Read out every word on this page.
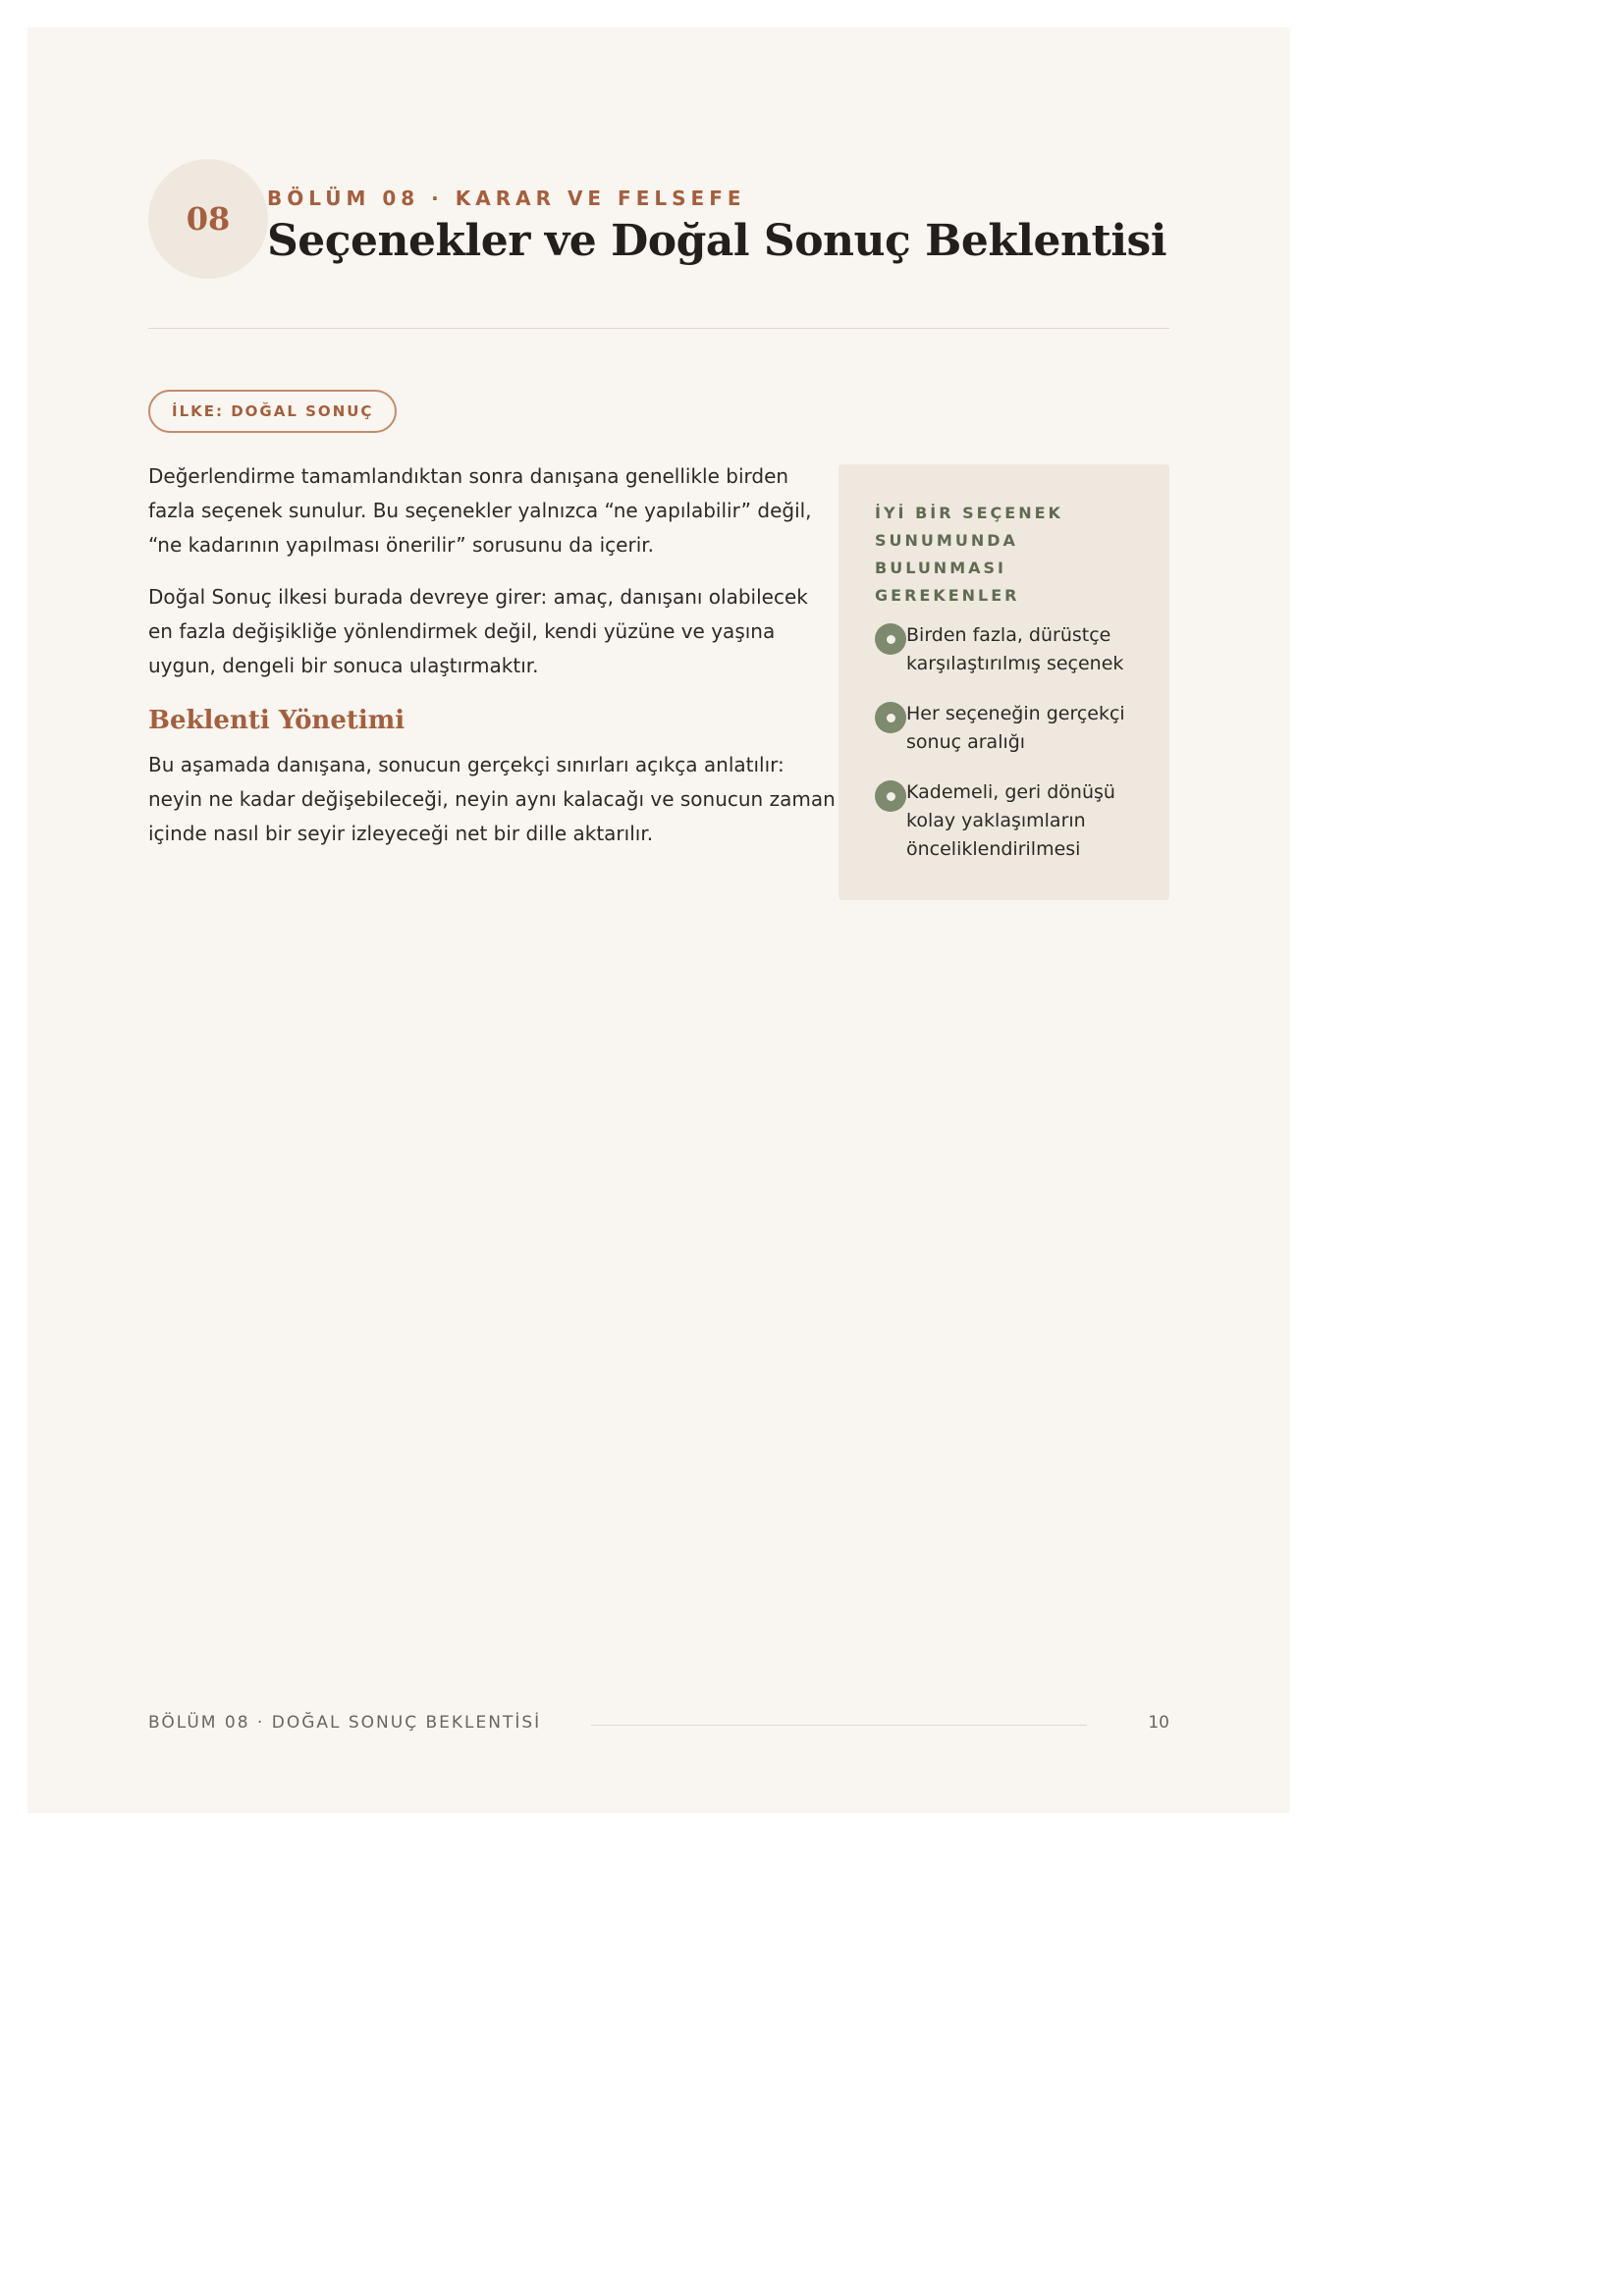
08
BÖLÜM 08 · KARAR VE FELSEFE
Seçenekler ve Doğal Sonuç Beklentisi
İLKE: DOĞAL SONUÇ

Değerlendirme tamamlandıktan sonra danışana genellikle birden fazla seçenek sunulur. Bu seçenekler yalnızca “ne yapılabilir” değil, “ne kadarının yapılması önerilir” sorusunu da içerir.

Doğal Sonuç ilkesi burada devreye girer: amaç, danışanı olabilecek en fazla değişikliğe yönlendirmek değil, kendi yüzüne ve yaşına uygun, dengeli bir sonuca ulaştırmaktır.

Beklenti Yönetimi

Bu aşamada danışana, sonucun gerçekçi sınırları açıkça anlatılır: neyin ne kadar değişebileceği, neyin aynı kalacağı ve sonucun zaman içinde nasıl bir seyir izleyeceği net bir dille aktarılır.

İYİ BİR SEÇENEK SUNUMUNDA BULUNMASI GEREKENLER
Birden fazla, dürüstçe karşılaştırılmış seçenek
Her seçeneğin gerçekçi sonuç aralığı
Kademeli, geri dönüşü kolay yaklaşımların önceliklendirilmesi
BÖLÜM 08 · DOĞAL SONUÇ BEKLENTİSİ	10
